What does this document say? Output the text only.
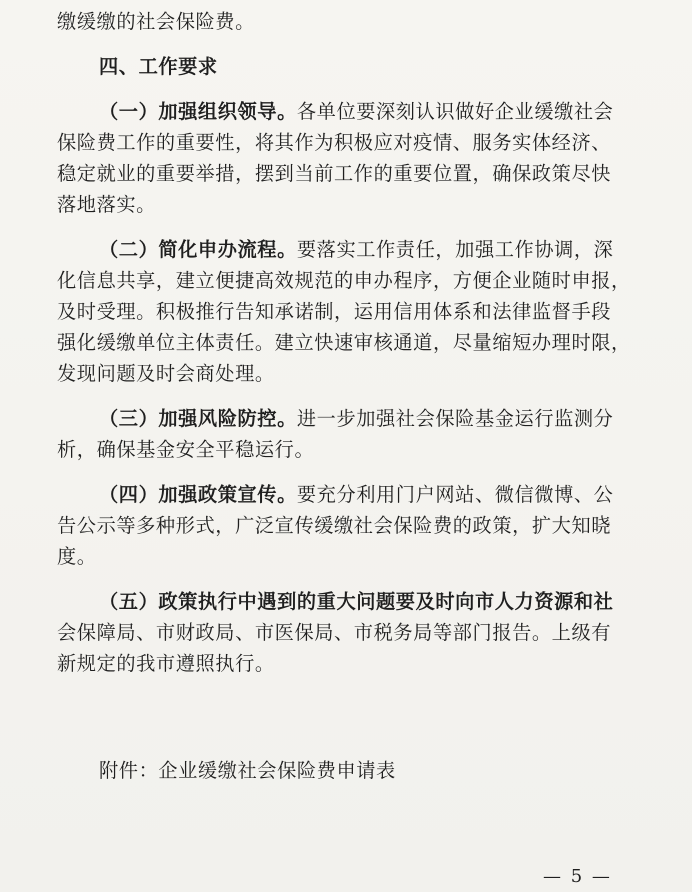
缴缓缴的社会保险费。

四、工作要求

（一）加强组织领导。各单位要深刻认识做好企业缓缴社会

保险费工作的重要性，将其作为积极应对疫情、服务实体经济、

稳定就业的重要举措，摆到当前工作的重要位置，确保政策尽快

落地落实。

（二）简化申办流程。要落实工作责任，加强工作协调，深

化信息共享，建立便捷高效规范的申办程序，方便企业随时申报，

及时受理。积极推行告知承诺制，运用信用体系和法律监督手段

强化缓缴单位主体责任。建立快速审核通道，尽量缩短办理时限，

发现问题及时会商处理。

（三）加强风险防控。进一步加强社会保险基金运行监测分

析，确保基金安全平稳运行。

（四）加强政策宣传。要充分利用门户网站、微信微博、公

告公示等多种形式，广泛宣传缓缴社会保险费的政策，扩大知晓

度。

（五）政策执行中遇到的重大问题要及时向市人力资源和社

会保障局、市财政局、市医保局、市税务局等部门报告。上级有

新规定的我市遵照执行。

附件：企业缓缴社会保险费申请表

— 5 —
